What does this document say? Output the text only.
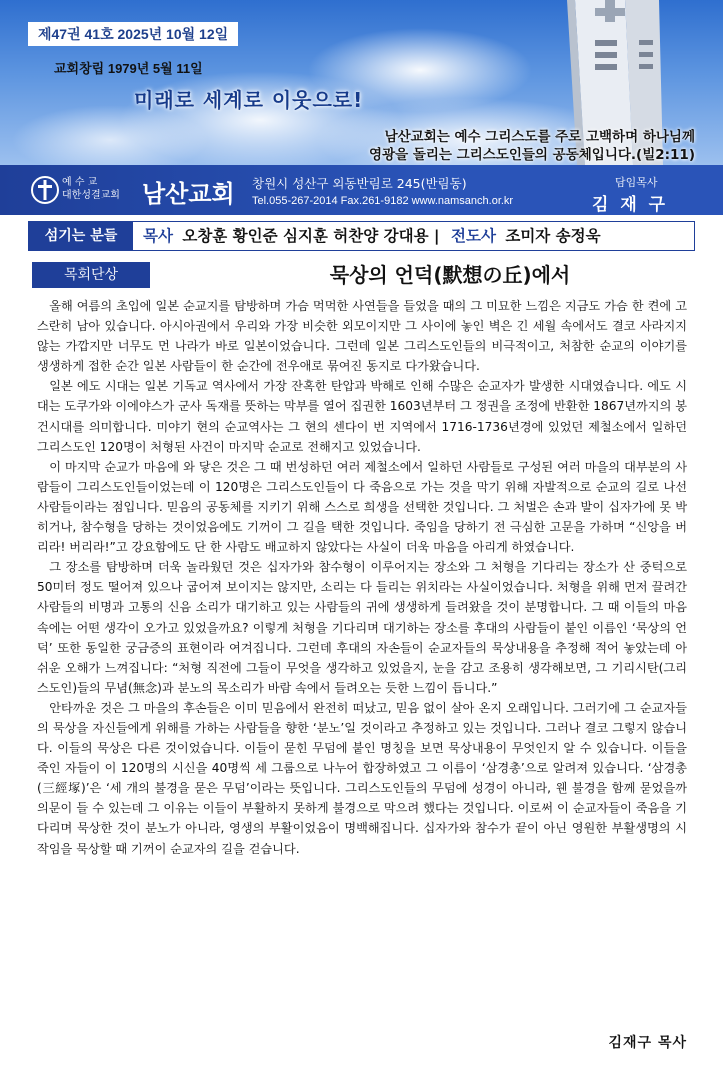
제47권 41호 2025년 10월 12일
교회창립 1979년 5월 11일
미래로 세계로 이웃으로!
남산교회는 예수 그리스도를 주로 고백하며 하나님께
영광을 돌리는 그리스도인들의 공동체입니다.(빌2:11)
예 수 교
대한성결교회 남산교회 창원시 성산구 외동반림로 245(반림동)
Tel.055-267-2014 Fax.261-9182 www.namsanch.or.kr
담임목사
김 재 구
섬기는 분들	목사 오창훈 황인준 심지훈 허찬양 강대용 | 전도사 조미자 송정욱
목회단상	묵상의 언덕(默想の丘)에서

올해 여름의 초입에 일본 순교지를 탐방하며 가슴 먹먹한 사연들을 들었을 때의 그 미묘한 느낌은 지금도 가슴 한 켠에 고스란히 남아 있습니다. 아시아권에서 우리와 가장 비슷한 외모이지만 그 사이에 놓인 벽은 긴 세월 속에서도 결코 사라지지 않는 가깝지만 너무도 먼 나라가 바로 일본이었습니다. 그런데 일본 그리스도인들의 비극적이고, 처참한 순교의 이야기를 생생하게 접한 순간 일본 사람들이 한 순간에 전우애로 묶여진 동지로 다가왔습니다.

일본 에도 시대는 일본 기독교 역사에서 가장 잔혹한 탄압과 박해로 인해 수많은 순교자가 발생한 시대였습니다. 에도 시대는 도쿠가와 이에야스가 군사 독재를 뜻하는 막부를 열어 집권한 1603년부터 그 정권을 조정에 반환한 1867년까지의 봉건시대를 의미합니다. 미야기 현의 순교역사는 그 현의 센다이 번 지역에서 1716-1736년경에 있었던 제철소에서 일하던 그리스도인 120명이 처형된 사건이 마지막 순교로 전해지고 있었습니다.

이 마지막 순교가 마음에 와 닿은 것은 그 때 번성하던 여러 제철소에서 일하던 사람들로 구성된 여러 마을의 대부분의 사람들이 그리스도인들이었는데 이 120명은 그리스도인들이 다 죽음으로 가는 것을 막기 위해 자발적으로 순교의 길로 나선 사람들이라는 점입니다. 믿음의 공동체를 지키기 위해 스스로 희생을 선택한 것입니다. 그 처벌은 손과 발이 십자가에 못 박히거나, 참수형을 당하는 것이었음에도 기꺼이 그 길을 택한 것입니다. 죽임을 당하기 전 극심한 고문을 가하며 “신앙을 버리라! 버리라!”고 강요함에도 단 한 사람도 배교하지 않았다는 사실이 더욱 마음을 아리게 하였습니다.

그 장소를 탐방하며 더욱 놀라웠던 것은 십자가와 참수형이 이루어지는 장소와 그 처형을 기다리는 장소가 산 중턱으로 50미터 정도 떨어져 있으나 굽어져 보이지는 않지만, 소리는 다 들리는 위치라는 사실이었습니다. 처형을 위해 먼저 끌려간 사람들의 비명과 고통의 신음 소리가 대기하고 있는 사람들의 귀에 생생하게 들려왔을 것이 분명합니다. 그 때 이들의 마음속에는 어떤 생각이 오가고 있었을까요? 이렇게 처형을 기다리며 대기하는 장소를 후대의 사람들이 붙인 이름인 ‘묵상의 언덕’ 또한 동일한 궁금증의 표현이라 여겨집니다. 그런데 후대의 자손들이 순교자들의 묵상내용을 추정해 적어 놓았는데 아쉬운 오해가 느껴집니다: “처형 직전에 그들이 무엇을 생각하고 있었을지, 눈을 감고 조용히 생각해보면, 그 기리시탄(그리스도인)들의 무념(無念)과 분노의 목소리가 바람 속에서 들려오는 듯한 느낌이 듭니다.”

안타까운 것은 그 마을의 후손들은 이미 믿음에서 완전히 떠났고, 믿음 없이 살아 온지 오래입니다. 그러기에 그 순교자들의 묵상을 자신들에게 위해를 가하는 사람들을 향한 ‘분노’일 것이라고 추정하고 있는 것입니다. 그러나 결코 그렇지 않습니다. 이들의 묵상은 다른 것이었습니다. 이들이 묻힌 무덤에 붙인 명칭을 보면 묵상내용이 무엇인지 알 수 있습니다. 이들을 죽인 자들이 이 120명의 시신을 40명씩 세 그룹으로 나누어 합장하였고 그 이름이 ‘삼경총’으로 알려져 있습니다. ‘삼경총(三經塚)’은 ‘세 개의 불경을 묻은 무덤’이라는 뜻입니다. 그리스도인들의 무덤에 성경이 아니라, 웬 불경을 함께 묻었을까 의문이 들 수 있는데 그 이유는 이들이 부활하지 못하게 불경으로 막으려 했다는 것입니다. 이로써 이 순교자들이 죽음을 기다리며 묵상한 것이 분노가 아니라, 영생의 부활이었음이 명백해집니다. 십자가와 참수가 끝이 아닌 영원한 부활생명의 시작임을 묵상할 때 기꺼이 순교자의 길을 걷습니다.

김재구 목사
